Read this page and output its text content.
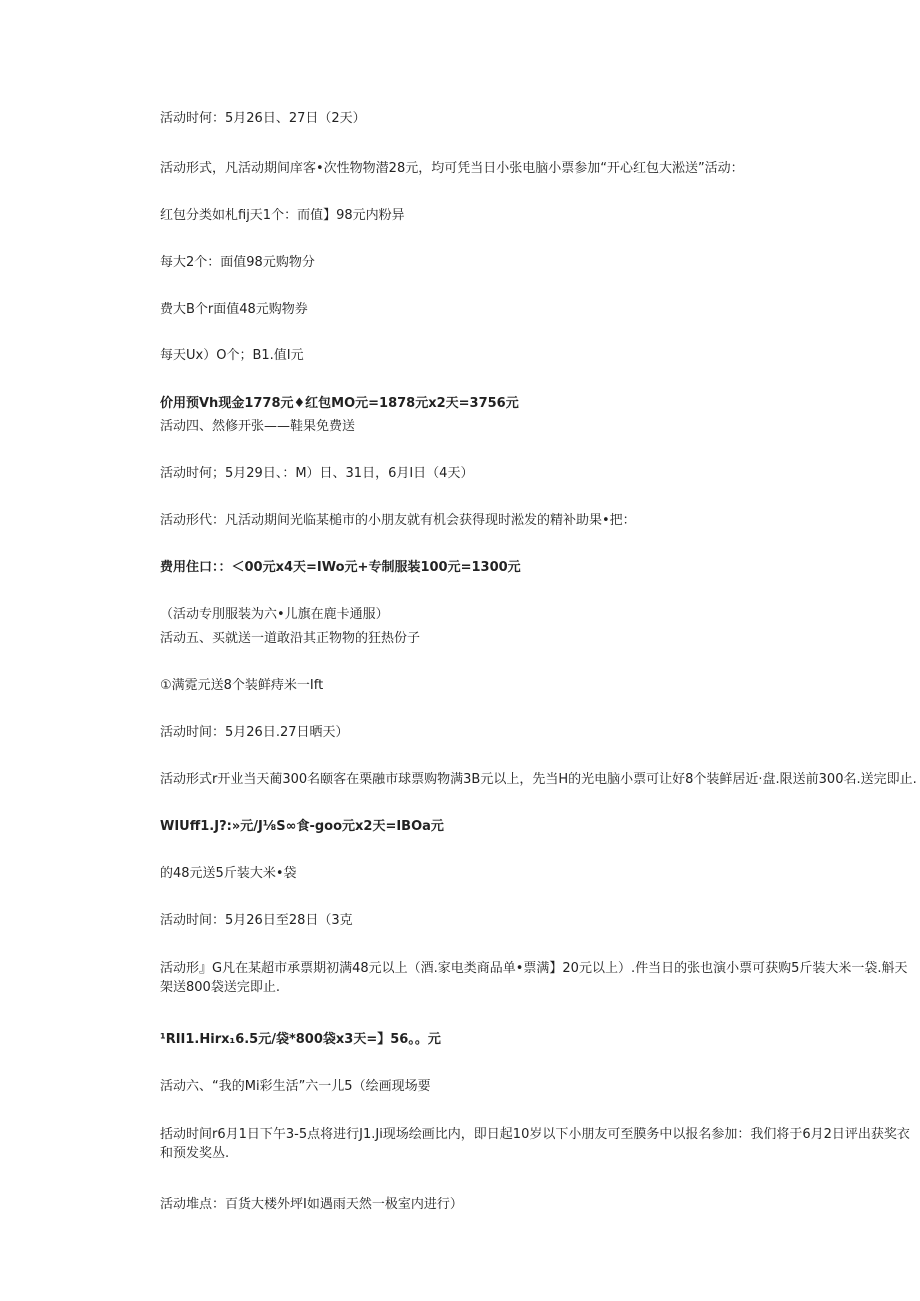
活动时何：5月26日、27日（2天）
活动形式，凡活动期间庠客•次性物物潜28元，均可凭当日小张电脑小票参加“开心红包大淞送”活动：
红包分类如札fij天1个：而值】98元内粉异
每大2个：面值98元购物分
费大B个r面值48元购物券
每天Ux）O个；B1.值I元
价用预Vh现金1778元♦红包MO元=1878元x2天=3756元
活动四、然修开张——鞋果免费送
活动时何；5月29日、：M）日、31日，6月I日（4天）
活动形代：凡活动期间光临某槌市的小朋友就有机会获得现时淞发的精补助果•把：
费用住口：：＜00元x4天=IWo元+专制服装100元=1300元
（活动专刖服装为六•儿旗在鹿卡通服）
活动五、买就送一道敢沿其正物物的狂热份子
①满霓元送8个装鲜痔米一Ift
活动时间：5月26日.27日晒天）
活动形式r开业当天蔺300名颐客在栗融市球票购物满3B元以上，先当H的光电脑小票可让好8个装鲜居近·盘.限送前300名.送完即止.
WIUff1.J?:»元/J⅛S∞食-goo元x2天=IBOa元
的48元送5斤装大米•袋
活动时间：5月26日至28日（3克
活动形』G凡在某超市承票期初满48元以上（酒.家电类商品单•票满】20元以上）.件当日的张也演小票可获购5斤装大米一袋.斛天架送800袋送完即止.
¹RII1.Hirx₁6.5元/袋*800袋x3天=】56。。元
活动六、“我的Mi彩生活”六一儿5（绘画现场要
括动时间r6月1日下午3-5点将进行J1.Ji现场绘画比内，即日起10岁以下小朋友可至膜务中以报名参加：我们将于6月2日评出获奖衣和预发奖丛.
活动堆点：百货大楼外坪I如遇雨天然一极室内进行）
